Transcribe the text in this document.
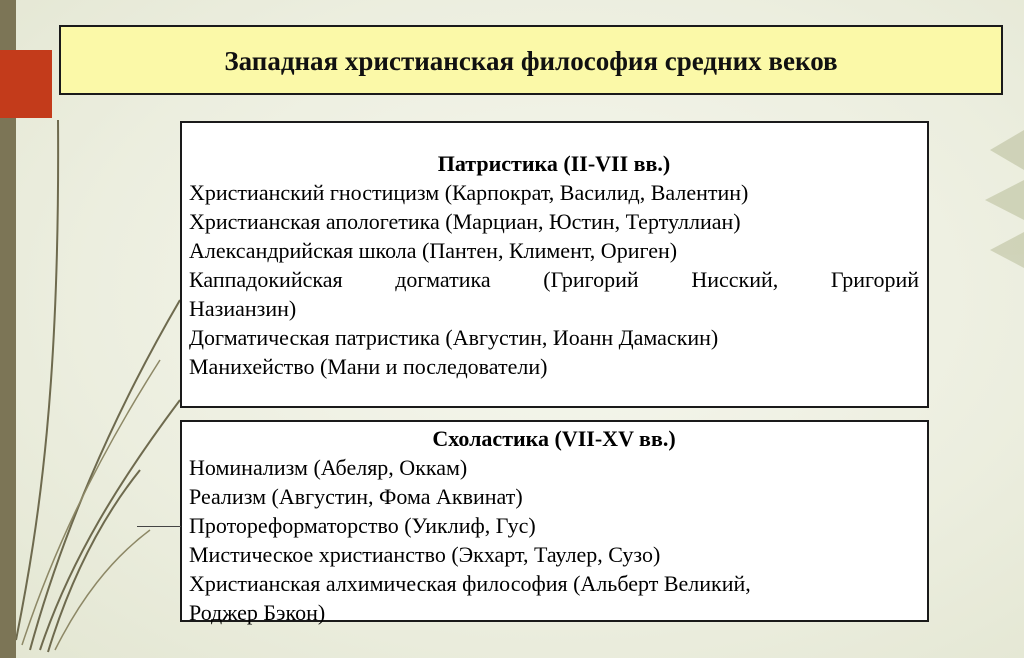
Западная христианская философия средних веков
Патристика (II-VII вв.)
Христианский гностицизм (Карпократ, Василид, Валентин)
Христианская апологетика (Марциан, Юстин, Тертуллиан)
Александрийская школа (Пантен, Климент, Ориген)
Каппадокийская догматика (Григорий Нисский, Григорий
Назианзин)
Догматическая патристика (Августин, Иоанн Дамаскин)
Манихейство (Мани и последователи)
Схоластика (VII-XV вв.)
Номинализм (Абеляр, Оккам)
Реализм (Августин, Фома Аквинат)
Протореформаторство (Уиклиф, Гус)
Мистическое христианство (Экхарт, Таулер, Сузо)
Христианская алхимическая философия (Альберт Великий,
Роджер Бэкон)
